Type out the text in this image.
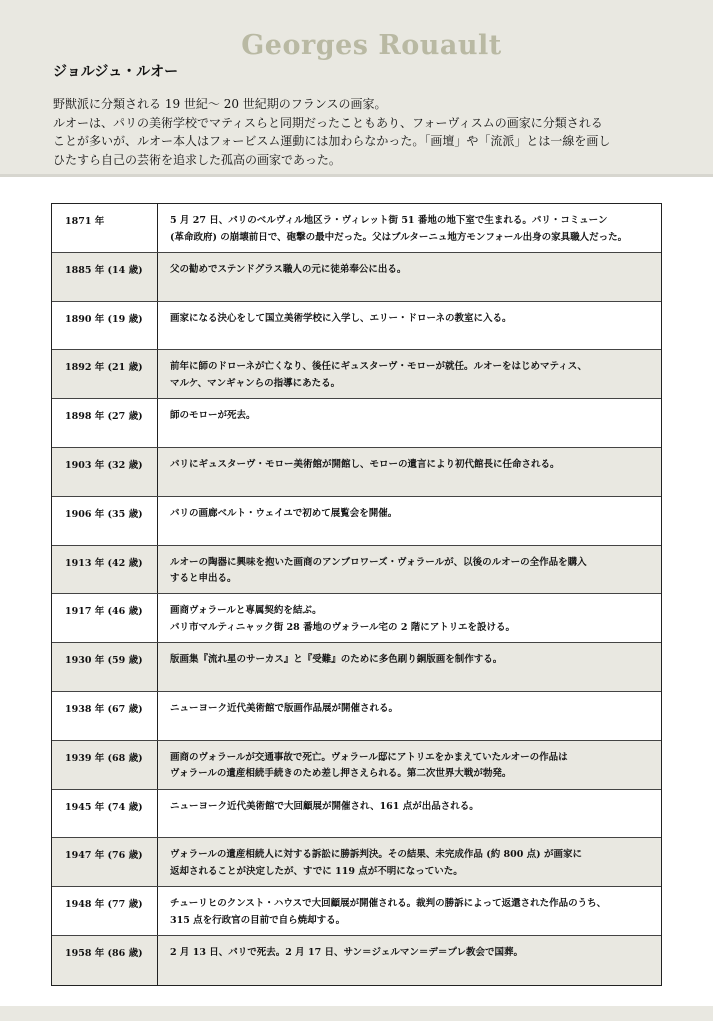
Georges Rouault
ジョルジュ・ルオー

野獣派に分類される 19 世紀〜 20 世紀期のフランスの画家。

ルオーは、パリの美術学校でマティスらと同期だったこともあり、フォーヴィスムの画家に分類される

ことが多いが、ルオー本人はフォービスム運動には加わらなかった。「画壇」や「流派」とは一線を画し

ひたすら自己の芸術を追求した孤高の画家であった。

1871 年	5 月 27 日、パリのベルヴィル地区ラ・ヴィレット街 51 番地の地下室で生まれる。パリ・コミューン
(革命政府) の崩壊前日で、砲撃の最中だった。父はブルターニュ地方モンフォール出身の家具職人だった。
1885 年 (14 歳)	父の勧めでステンドグラス職人の元に徒弟奉公に出る。
1890 年 (19 歳)	画家になる決心をして国立美術学校に入学し、エリー・ドローネの教室に入る。
1892 年 (21 歳)	前年に師のドローネが亡くなり、後任にギュスターヴ・モローが就任。ルオーをはじめマティス、
マルケ、マンギャンらの指導にあたる。
1898 年 (27 歳)	師のモローが死去。
1903 年 (32 歳)	パリにギュスターヴ・モロー美術館が開館し、モローの遺言により初代館長に任命される。
1906 年 (35 歳)	パリの画廊ベルト・ウェイユで初めて展覧会を開催。
1913 年 (42 歳)	ルオーの陶器に興味を抱いた画商のアンブロワーズ・ヴォラールが、以後のルオーの全作品を購入
すると申出る。
1917 年 (46 歳)	画商ヴォラールと専属契約を結ぶ。
パリ市マルティニャック街 28 番地のヴォラール宅の 2 階にアトリエを設ける。
1930 年 (59 歳)	版画集『流れ星のサーカス』と『受難』のために多色刷り銅版画を制作する。
1938 年 (67 歳)	ニューヨーク近代美術館で版画作品展が開催される。
1939 年 (68 歳)	画商のヴォラールが交通事故で死亡。ヴォラール邸にアトリエをかまえていたルオーの作品は
ヴォラールの遺産相続手続きのため差し押さえられる。第二次世界大戦が勃発。
1945 年 (74 歳)	ニューヨーク近代美術館で大回顧展が開催され、161 点が出品される。
1947 年 (76 歳)	ヴォラールの遺産相続人に対する訴訟に勝訴判決。その結果、未完成作品 (約 800 点) が画家に
返却されることが決定したが、すでに 119 点が不明になっていた。
1948 年 (77 歳)	チューリヒのクンスト・ハウスで大回顧展が開催される。裁判の勝訴によって返還された作品のうち、
315 点を行政官の目前で自ら焼却する。
1958 年 (86 歳)	2 月 13 日、パリで死去。2 月 17 日、サン＝ジェルマン＝デ＝プレ教会で国葬。
